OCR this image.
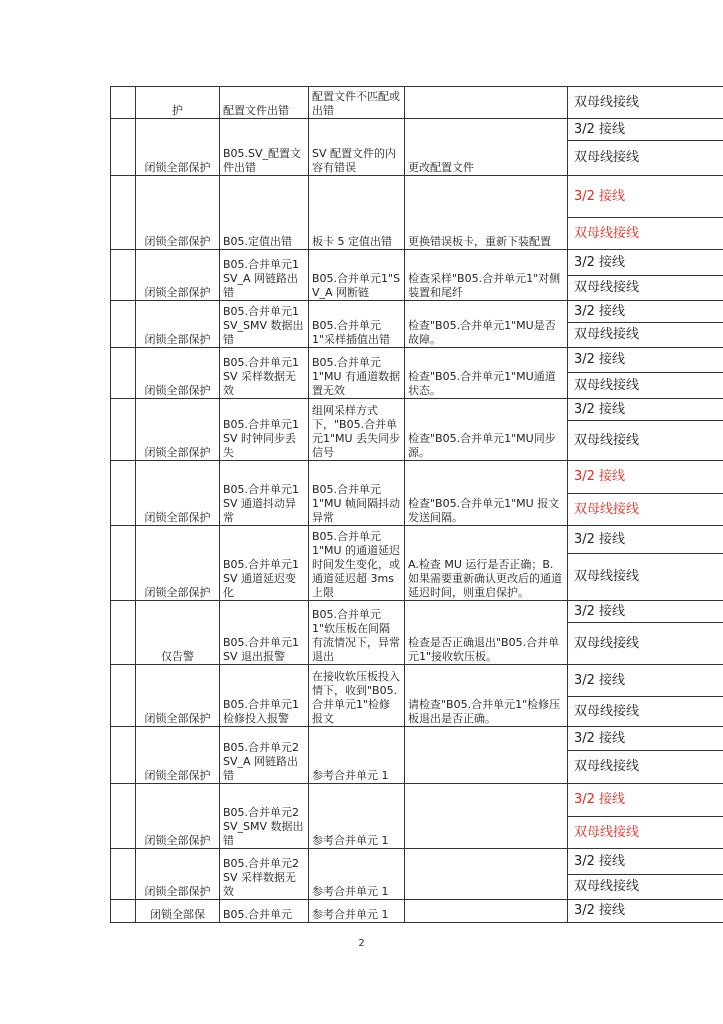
	护	配置文件出错	配置文件不匹配或出错		双母线接线
	闭锁全部保护	B05.SV_配置文件出错	SV 配置文件的内容有错误	更改配置文件	3/2 接线
					双母线接线
	闭锁全部保护	B05.定值出错	板卡 5 定值出错	更换错误板卡，重新下装配置	3/2 接线
					双母线接线
	闭锁全部保护	B05.合并单元1SV_A 网链路出错	B05.合并单元1"SV_A 网断链	检查采样"B05.合并单元1"对侧装置和尾纤	3/2 接线
					双母线接线
	闭锁全部保护	B05.合并单元1SV_SMV 数据出错	B05.合并单元1"采样插值出错	检查"B05.合并单元1"MU是否故障。	3/2 接线
					双母线接线
	闭锁全部保护	B05.合并单元1SV 采样数据无效	B05.合并单元1"MU 有通道数据置无效	检查"B05.合并单元1"MU通道状态。	3/2 接线
					双母线接线
	闭锁全部保护	B05.合并单元1SV 时钟同步丢失	组网采样方式下，"B05.合并单元1"MU 丢失同步信号	检查"B05.合并单元1"MU同步源。	3/2 接线
					双母线接线
	闭锁全部保护	B05.合并单元1SV 通道抖动异常	B05.合并单元1"MU 帧间隔抖动异常	检查"B05.合并单元1"MU 报文发送间隔。	3/2 接线
					双母线接线
	闭锁全部保护	B05.合并单元1SV 通道延迟变化	B05.合并单元1"MU 的通道延迟时间发生变化，或通道延迟超 3ms 上限	A.检查 MU 运行是否正确；B.如果需要重新确认更改后的通道延迟时间，则重启保护。	3/2 接线
					双母线接线
	仅告警	B05.合并单元1SV 退出报警	B05.合并单元1"软压板在间隔有流情况下，异常退出	检查是否正确退出"B05.合并单元1"接收软压板。	3/2 接线
					双母线接线
	闭锁全部保护	B05.合并单元1 检修投入报警	在接收软压板投入情下，收到"B05.合并单元1"检修报文	请检查"B05.合并单元1"检修压板退出是否正确。	3/2 接线
					双母线接线
	闭锁全部保护	B05.合并单元2SV_A 网链路出错	参考合并单元 1		3/2 接线
					双母线接线
	闭锁全部保护	B05.合并单元2SV_SMV 数据出错	参考合并单元 1		3/2 接线
					双母线接线
	闭锁全部保护	B05.合并单元2SV 采样数据无效	参考合并单元 1		3/2 接线
					双母线接线
	闭锁全部保	B05.合并单元	参考合并单元 1		3/2 接线
2
